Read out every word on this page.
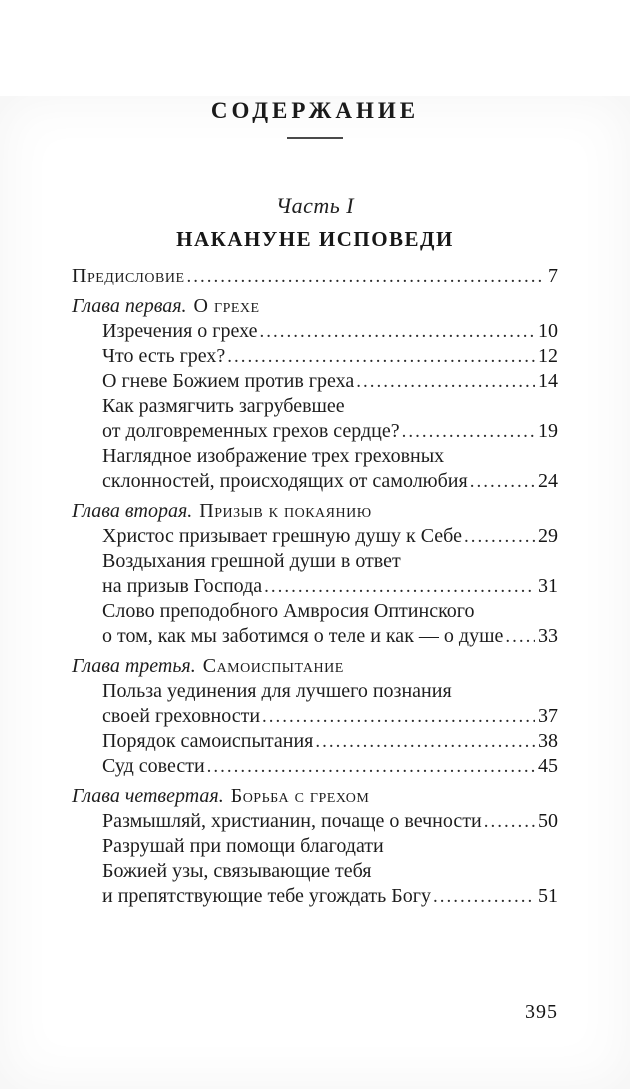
СОДЕРЖАНИЕ
Часть I
НАКАНУНЕ ИСПОВЕДИ
Предисловие .....	7
Глава первая. О грехе
Изречения о грехе .....	10
Что есть грех? .....	12
О гневе Божием против греха .....	14
Как размягчить загрубевшее
от долговременных грехов сердце? .....	19
Наглядное изображение трех греховных
склонностей, происходящих от самолюбия .....	24
Глава вторая. Призыв к покаянию
Христос призывает грешную душу к Себе .....	29
Воздыхания грешной души в ответ
на призыв Господа .....	31
Слово преподобного Амвросия Оптинского
о том, как мы заботимся о теле и как — о душе ..... 33
Глава третья. Самоиспытание
Польза уединения для лучшего познания
своей греховности .....	37
Порядок самоиспытания .....	38
Суд совести .....	45
Глава четвертая. Борьба с грехом
Размышляй, христианин, почаще о вечности .....	50
Разрушай при помощи благодати
Божией узы, связывающие тебя
и препятствующие тебе угождать Богу .....	51
395
